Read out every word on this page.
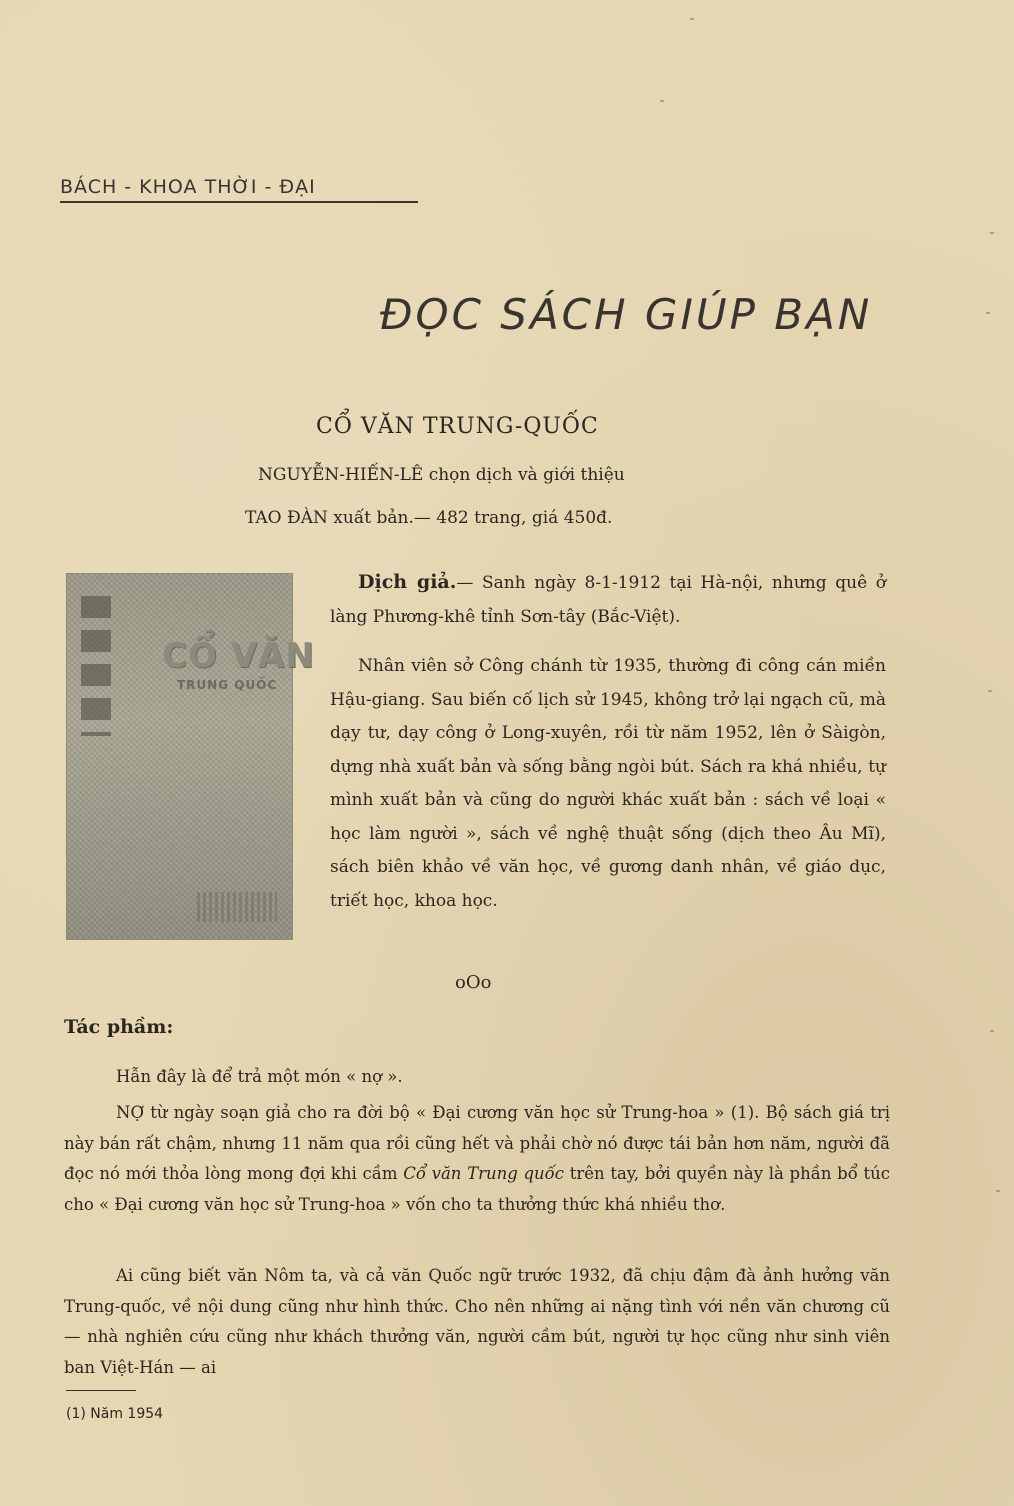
BÁCH - KHOA THỜI - ĐẠI
ĐỌC SÁCH GIÚP BẠN
CỔ VĂN TRUNG-QUỐC
NGUYỄN-HIẾN-LÊ chọn dịch và giới thiệu
TAO ĐÀN xuất bản.— 482 trang, giá 450đ.
CỔ VĂN
TRUNG QUỐC
Dịch giả.— Sanh ngày 8-1-1912 tại Hà-nội, nhưng quê ở làng Phương-khê tỉnh Sơn-tây (Bắc-Việt).
Nhân viên sở Công chánh từ 1935, thường đi công cán miền Hậu-giang. Sau biến cố lịch sử 1945, không trở lại ngạch cũ, mà dạy tư, dạy công ở Long-xuyên, rồi từ năm 1952, lên ở Sàigòn, dựng nhà xuất bản và sống bằng ngòi bút. Sách ra khá nhiều, tự mình xuất bản và cũng do người khác xuất bản : sách về loại « học làm người », sách về nghệ thuật sống (dịch theo Âu Mĩ), sách biên khảo về văn học, về gương danh nhân, về giáo dục, triết học, khoa học.
oOo
Tác phầm:
Hẫn đây là để trả một món « nợ ».
NỢ từ ngày soạn giả cho ra đời bộ « Đại cương văn học sử Trung-hoa » (1). Bộ sách giá trị này bán rất chậm, nhưng 11 năm qua rồi cũng hết và phải chờ nó được tái bản hơn năm, người đã đọc nó mới thỏa lòng mong đợi khi cầm Cổ văn Trung quốc trên tay, bởi quyền này là phần bổ túc cho « Đại cương văn học sử Trung-hoa » vốn cho ta thưởng thức khá nhiều thơ.
Ai cũng biết văn Nôm ta, và cả văn Quốc ngữ trước 1932, đã chịu đậm đà ảnh hưởng văn Trung-quốc, về nội dung cũng như hình thức. Cho nên những ai nặng tình với nền văn chương cũ — nhà nghiên cứu cũng như khách thưởng văn, người cầm bút, người tự học cũng như sinh viên ban Việt-Hán — ai
(1) Năm 1954
